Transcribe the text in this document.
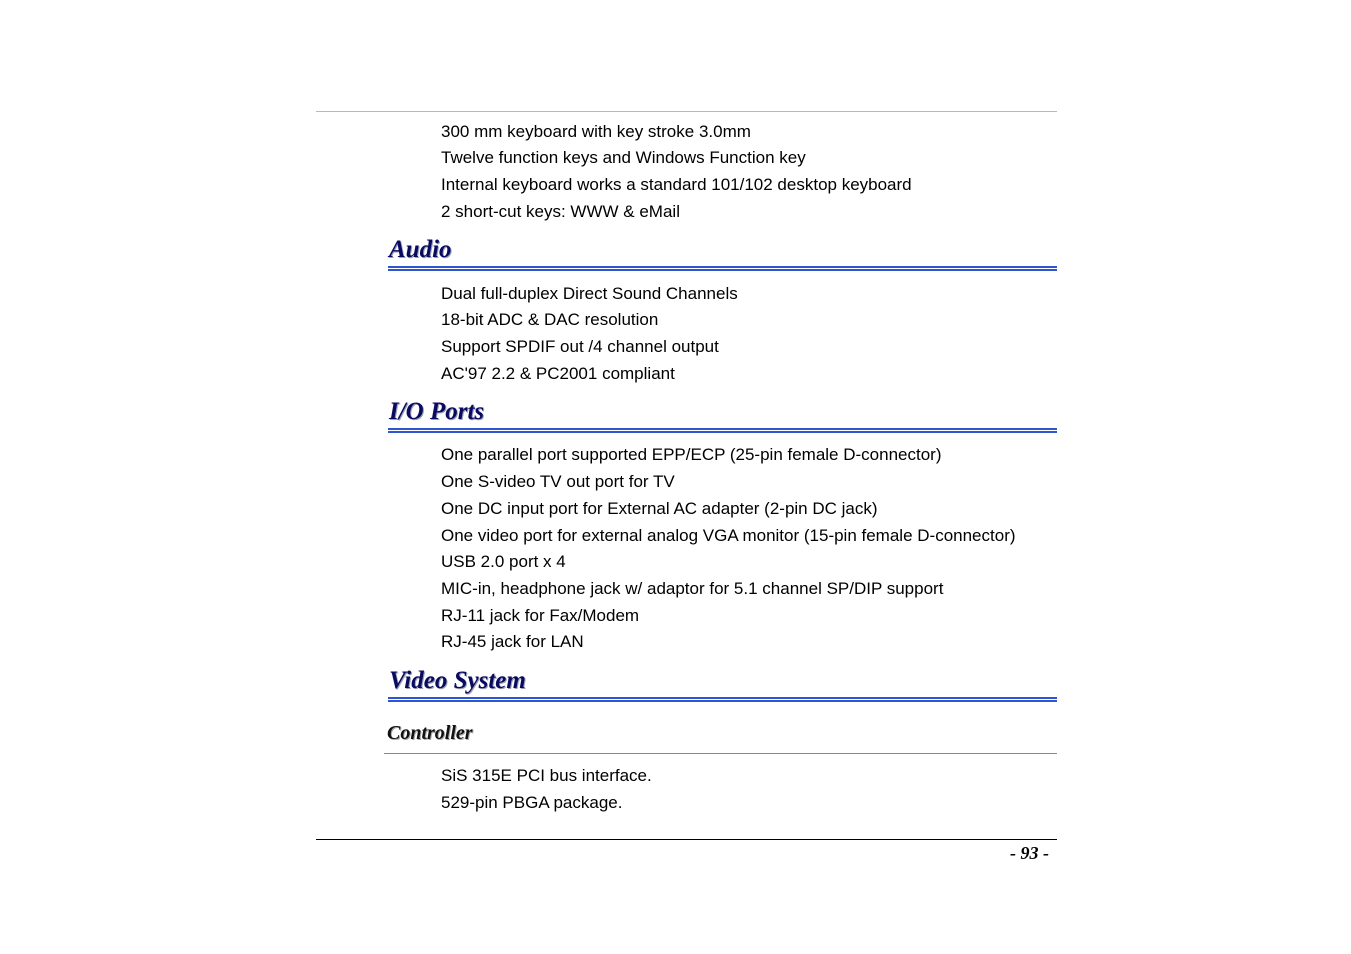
300 mm keyboard with key stroke 3.0mm
Twelve function keys and Windows Function key
Internal keyboard works a standard 101/102 desktop keyboard
2 short-cut keys: WWW & eMail
Audio
Dual full-duplex Direct Sound Channels
18-bit ADC & DAC resolution
Support SPDIF out /4 channel output
AC'97 2.2 & PC2001 compliant
I/O Ports
One parallel port supported EPP/ECP (25-pin female D-connector)
One S-video TV out port for TV
One DC input port for External AC adapter (2-pin DC jack)
One video port for external analog VGA monitor (15-pin female D-connector)
USB 2.0 port x 4
MIC-in, headphone jack w/ adaptor for 5.1 channel SP/DIP support
RJ-11 jack for Fax/Modem
RJ-45 jack for LAN
Video System
Controller
SiS 315E PCI bus interface.
529-pin PBGA package.
- 93 -
